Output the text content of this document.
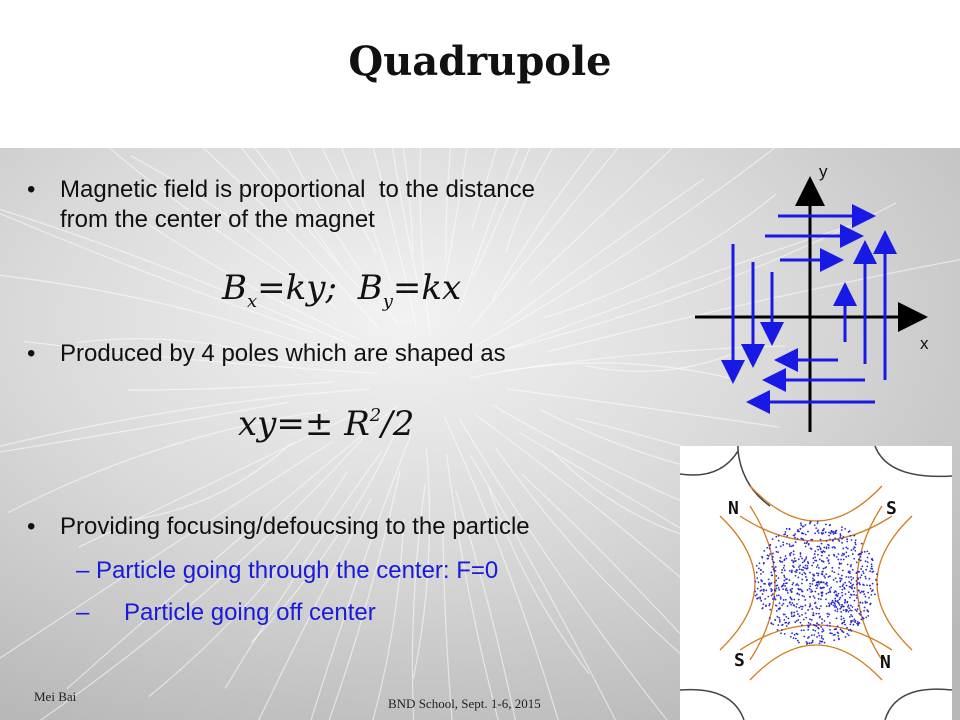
Quadrupole
• Magnetic field is proportional  to the distance
from the center of the magnet
$B_x=ky$; $B_y=kx$
• Produced by 4 poles which are shaped as
$xy=\pm R^2/2$
• Providing focusing/defoucsing to the particle
– Particle going through the center: F=0
– Particle going off center
y
x
N	S
S	N
Mei Bai	BND School, Sept. 1-6, 2015
